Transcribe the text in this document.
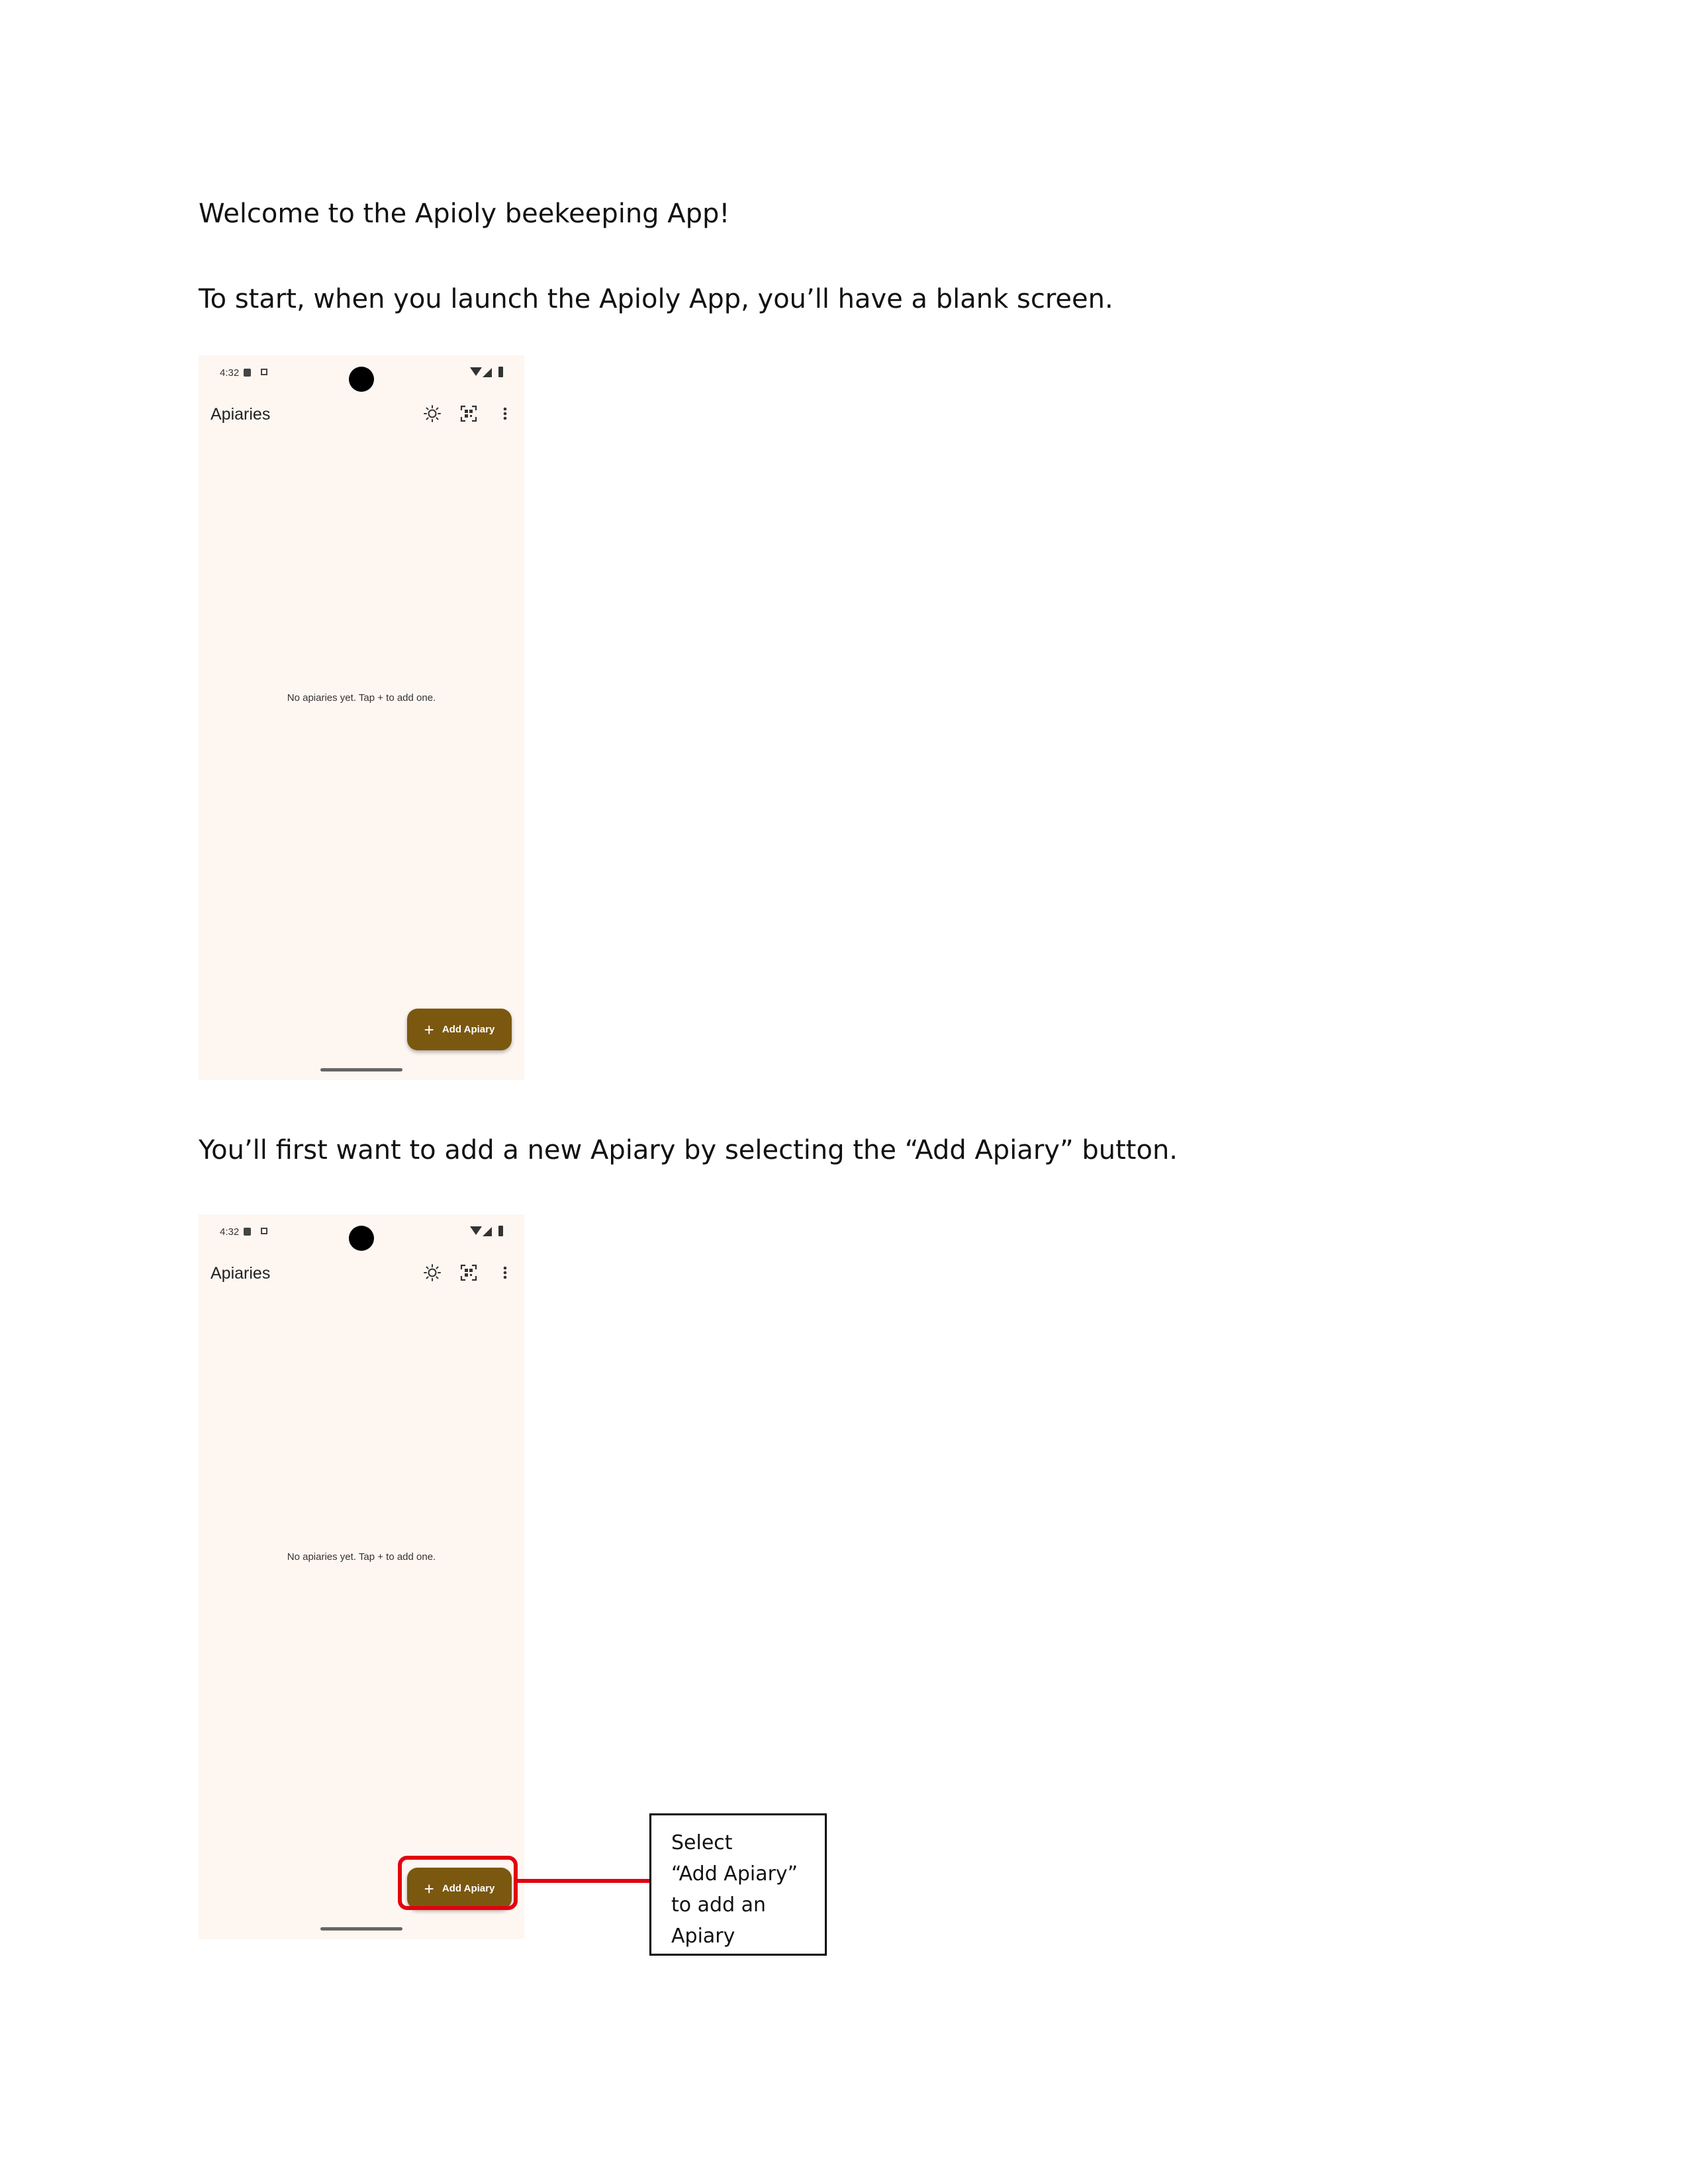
Welcome to the Apioly beekeeping App!

To start, when you launch the Apioly App, you’ll have a blank screen.

4:32
Apiaries
No apiaries yet. Tap + to add one.
+ Add Apiary

You’ll first want to add a new Apiary by selecting the “Add Apiary” button.

4:32
Apiaries
No apiaries yet. Tap + to add one.
+ Add Apiary

Select
“Add Apiary”
to add an
Apiary
